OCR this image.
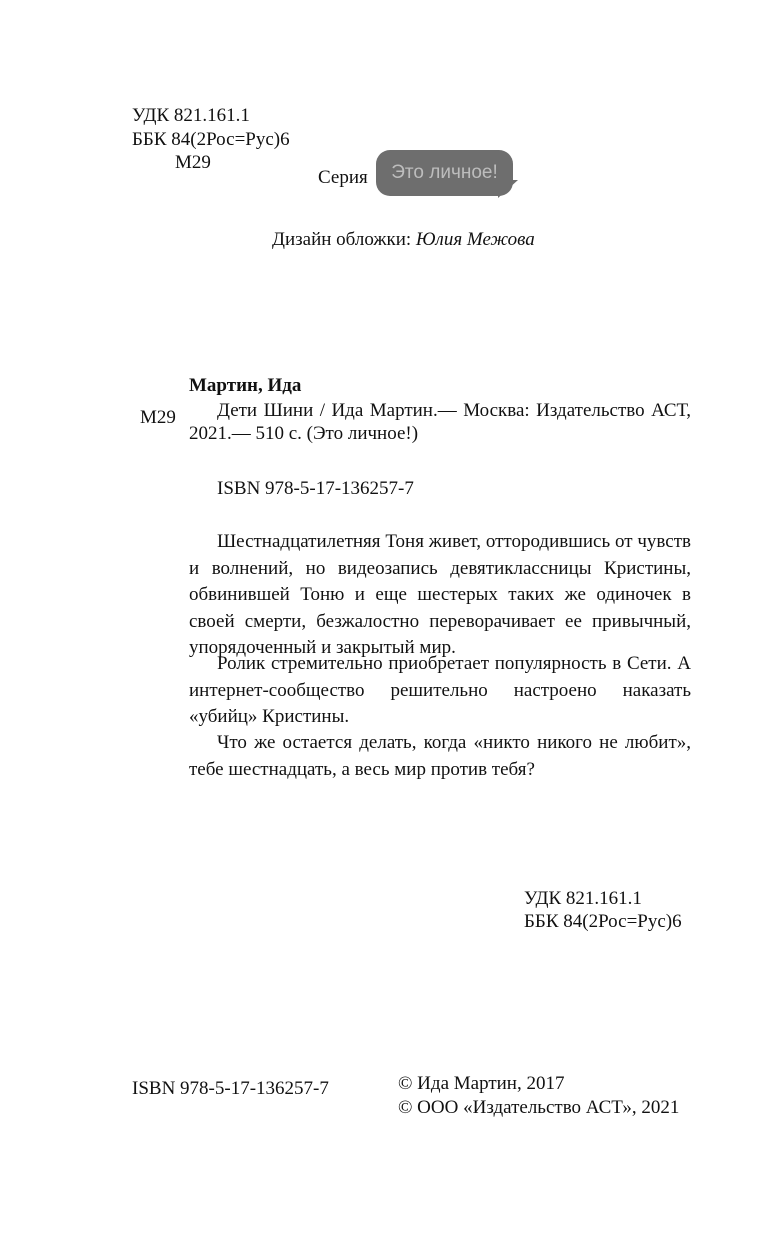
УДК 821.161.1
ББК 84(2Рос=Рус)6
М29
Серия	Это личное!
Дизайн обложки: Юлия Межова
Мартин, Ида
М29 Дети Шини / Ида Мартин.— Москва: Издательство АСТ,
2021.— 510 с. (Это личное!)
ISBN 978-5-17-136257-7
Шестнадцатилетняя Тоня живет, оттородившись от чувств и волнений, но видеозапись девятиклассницы Кристины, обвинившей Тоню и еще шестерых таких же одиночек в своей смерти, безжалостно переворачивает ее привычный, упорядоченный и закрытый мир.
Ролик стремительно приобретает популярность в Сети. А интернет-сообщество решительно настроено наказать «убийц» Кристины.
Что же остается делать, когда «никто никого не любит», тебе шестнадцать, а весь мир против тебя?
УДК 821.161.1
ББК 84(2Рос=Рус)6
ISBN 978-5-17-136257-7	© Ида Мартин, 2017
© ООО «Издательство АСТ», 2021
